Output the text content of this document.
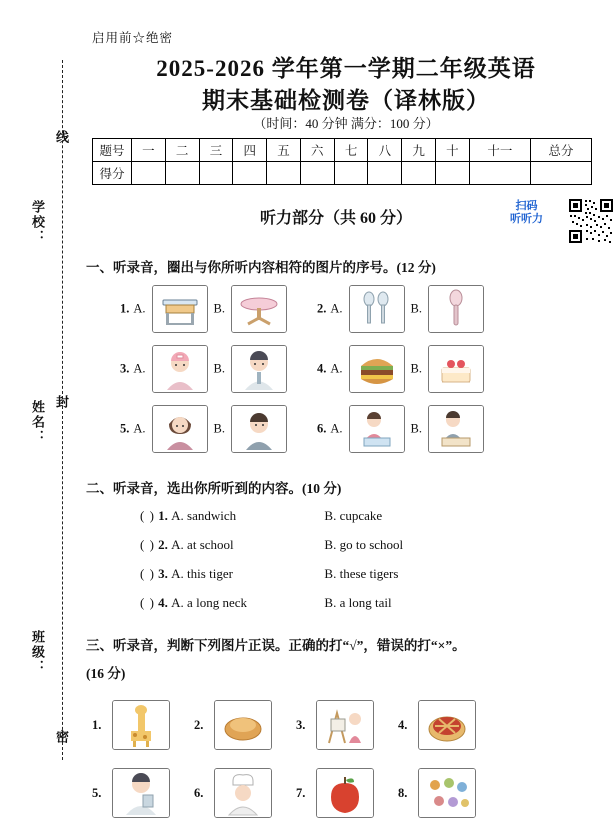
线
封
密
学校：
姓名：
班级：
启用前☆绝密
2025-2026 学年第一学期二年级英语
期末基础检测卷（译林版）
（时间：40 分钟 满分：100 分）
题号	一	二	三	四	五	六	七	八	九	十	十一	总分
得分												
听力部分（共 60 分）
扫码
听听力
一、听录音，圈出与你所听内容相符的图片的序号。(12 分)
1. A.	B.	2. A.	B.
3. A.	B.	4. A.	B.
5. A.	B.	6. A.	B.
二、听录音，选出你所听到的内容。(10 分)
( ) 1. A. sandwich	B. cupcake
( ) 2. A. at school	B. go to school
( ) 3. A. this tiger	B. these tigers
( ) 4. A. a long neck	B. a long tail
三、听录音，判断下列图片正误。正确的打“√”，错误的打“×”。
(16 分)
1.	2.	3.	4.
5.	6.	7.	8.
